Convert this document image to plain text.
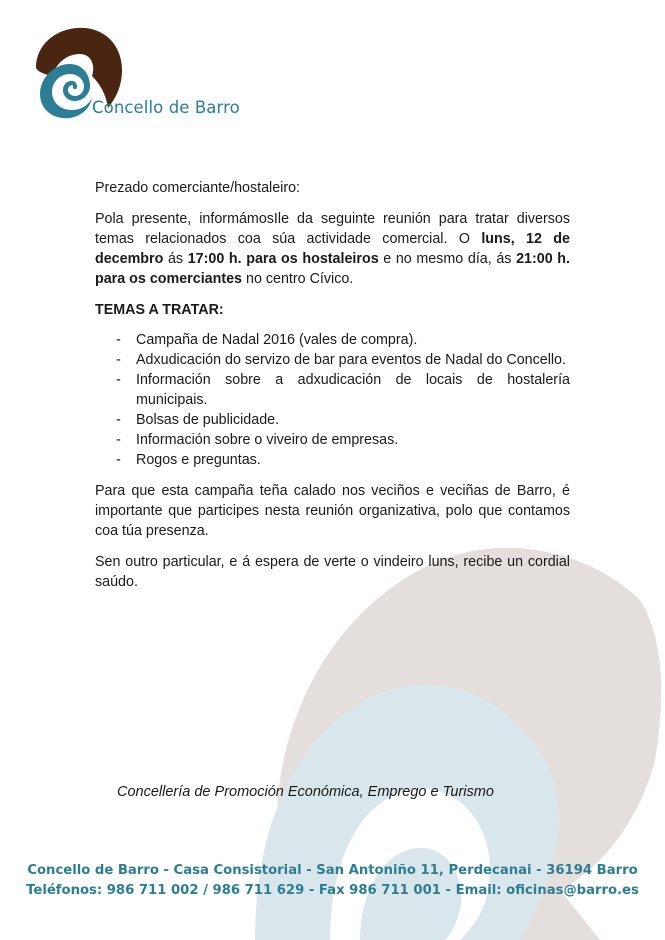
Concello de Barro

Prezado comerciante/hostaleiro:

Pola presente, informámosIle da seguinte reunión para tratar diversos temas relacionados coa súa actividade comercial. O luns, 12 de decembro ás 17:00 h. para os hostaleiros e no mesmo día, ás 21:00 h. para os comerciantes no centro Cívico.

TEMAS A TRATAR:
- Campaña de Nadal 2016 (vales de compra).
- Adxudicación do servizo de bar para eventos de Nadal do Concello.
- Información sobre a adxudicación de locais de hostalería municipais.
- Bolsas de publicidade.
- Información sobre o viveiro de empresas.
- Rogos e preguntas.

Para que esta campaña teña calado nos veciños e veciñas de Barro, é importante que participes nesta reunión organizativa, polo que contamos coa túa presenza.

Sen outro particular, e á espera de verte o vindeiro luns, recibe un cordial saúdo.

Concellería de Promoción Económica, Emprego e Turismo
Concello de Barro - Casa Consistorial - San Antoniño 11, Perdecanai - 36194 Barro
Teléfonos: 986 711 002 / 986 711 629 - Fax 986 711 001 - Email: oficinas@barro.es
